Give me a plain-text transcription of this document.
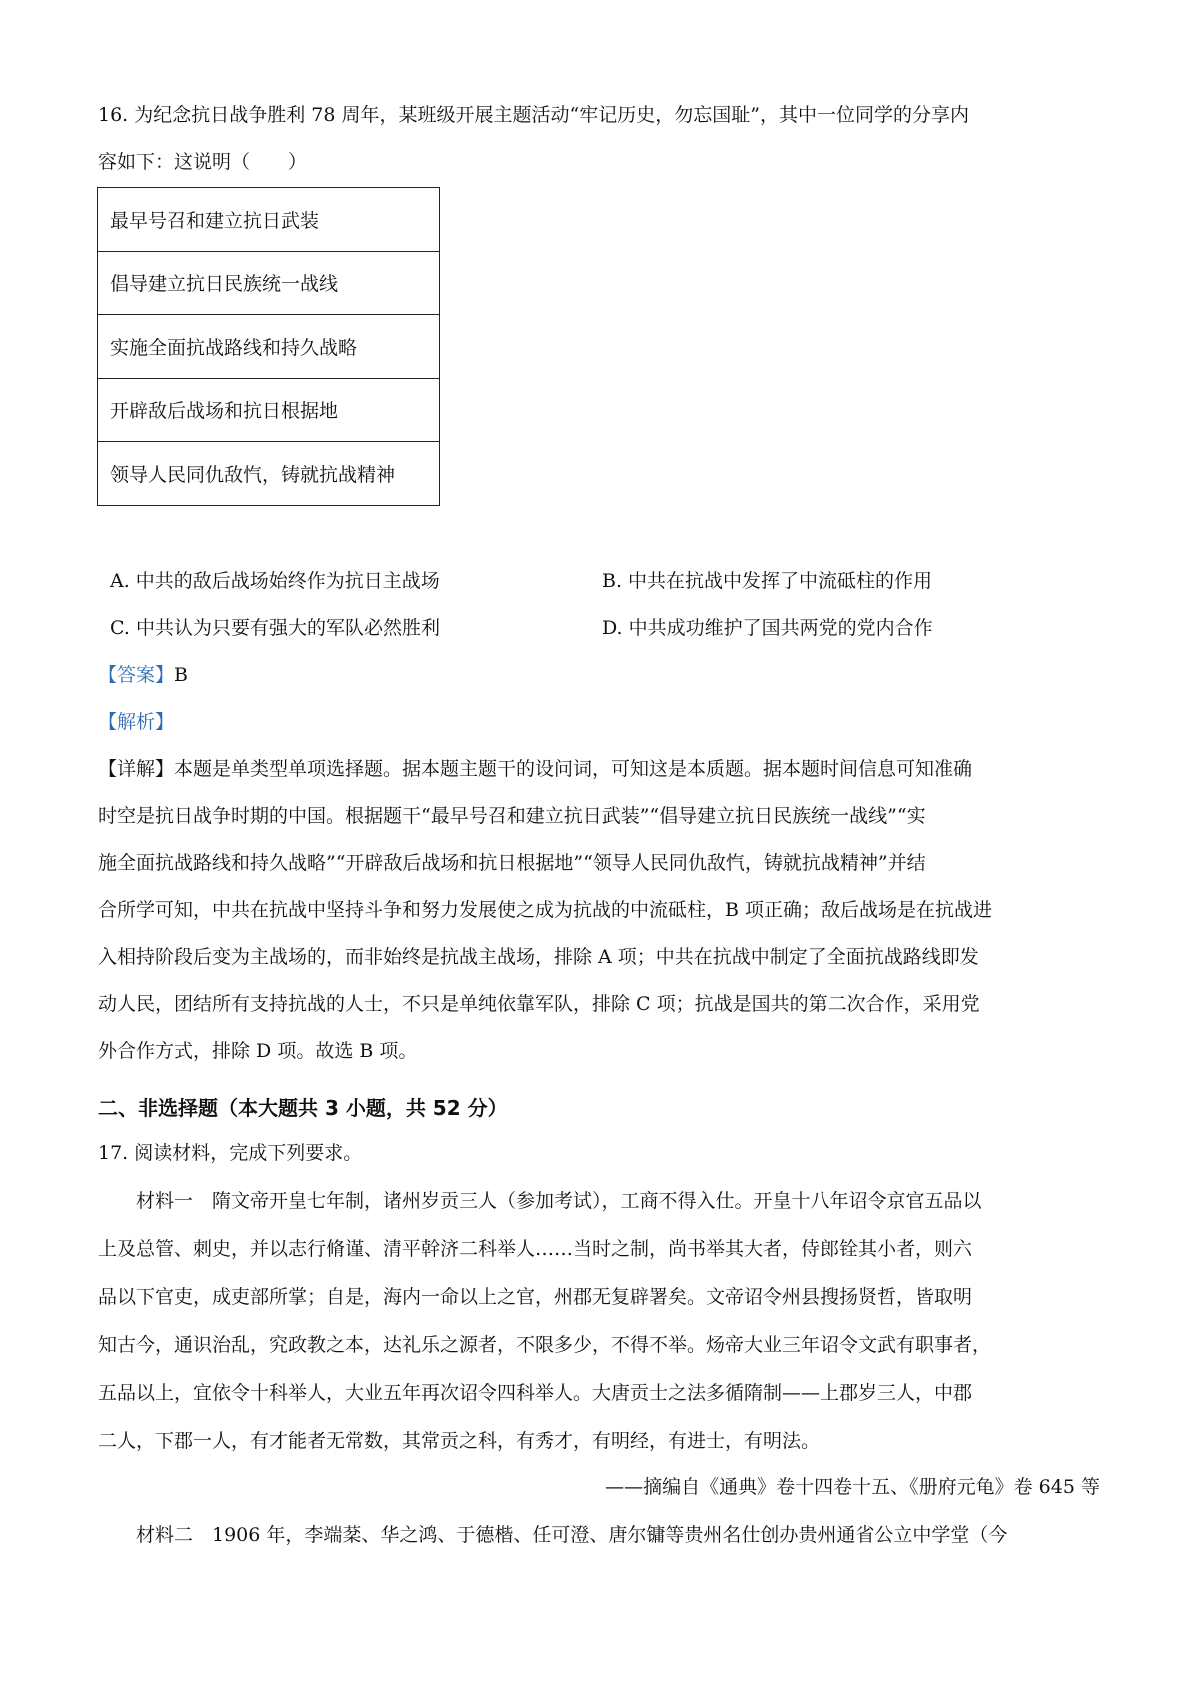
16. 为纪念抗日战争胜利 78 周年，某班级开展主题活动“牢记历史，勿忘国耻”，其中一位同学的分享内
容如下：这说明（　　）
最早号召和建立抗日武装
倡导建立抗日民族统一战线
实施全面抗战路线和持久战略
开辟敌后战场和抗日根据地
领导人民同仇敌忾，铸就抗战精神
A. 中共的敌后战场始终作为抗日主战场	B. 中共在抗战中发挥了中流砥柱的作用
C. 中共认为只要有强大的军队必然胜利	D. 中共成功维护了国共两党的党内合作
【答案】B
【解析】
【详解】本题是单类型单项选择题。据本题主题干的设问词，可知这是本质题。据本题时间信息可知准确
时空是抗日战争时期的中国。根据题干“最早号召和建立抗日武装”“倡导建立抗日民族统一战线”“实
施全面抗战路线和持久战略”“开辟敌后战场和抗日根据地”“领导人民同仇敌忾，铸就抗战精神”并结
合所学可知，中共在抗战中坚持斗争和努力发展使之成为抗战的中流砥柱，B 项正确；敌后战场是在抗战进
入相持阶段后变为主战场的，而非始终是抗战主战场，排除 A 项；中共在抗战中制定了全面抗战路线即发
动人民，团结所有支持抗战的人士，不只是单纯依靠军队，排除 C 项；抗战是国共的第二次合作，采用党
外合作方式，排除 D 项。故选 B 项。
二、非选择题（本大题共 3 小题，共 52 分）
17. 阅读材料，完成下列要求。
　　材料一　隋文帝开皇七年制，诸州岁贡三人（参加考试），工商不得入仕。开皇十八年诏令京官五品以
上及总管、刺史，并以志行脩谨、清平幹济二科举人……当时之制，尚书举其大者，侍郎铨其小者，则六
品以下官吏，成吏部所掌；自是，海内一命以上之官，州郡无复辟署矣。文帝诏令州县搜扬贤哲，皆取明
知古今，通识治乱，究政教之本，达礼乐之源者，不限多少，不得不举。炀帝大业三年诏令文武有职事者，
五品以上，宜依令十科举人，大业五年再次诏令四科举人。大唐贡士之法多循隋制——上郡岁三人，中郡
二人，下郡一人，有才能者无常数，其常贡之科，有秀才，有明经，有进士，有明法。
——摘编自《通典》卷十四卷十五、《册府元龟》卷 645 等
　　材料二　1906 年，李端棻、华之鸿、于德楷、任可澄、唐尔镛等贵州名仕创办贵州通省公立中学堂（今
